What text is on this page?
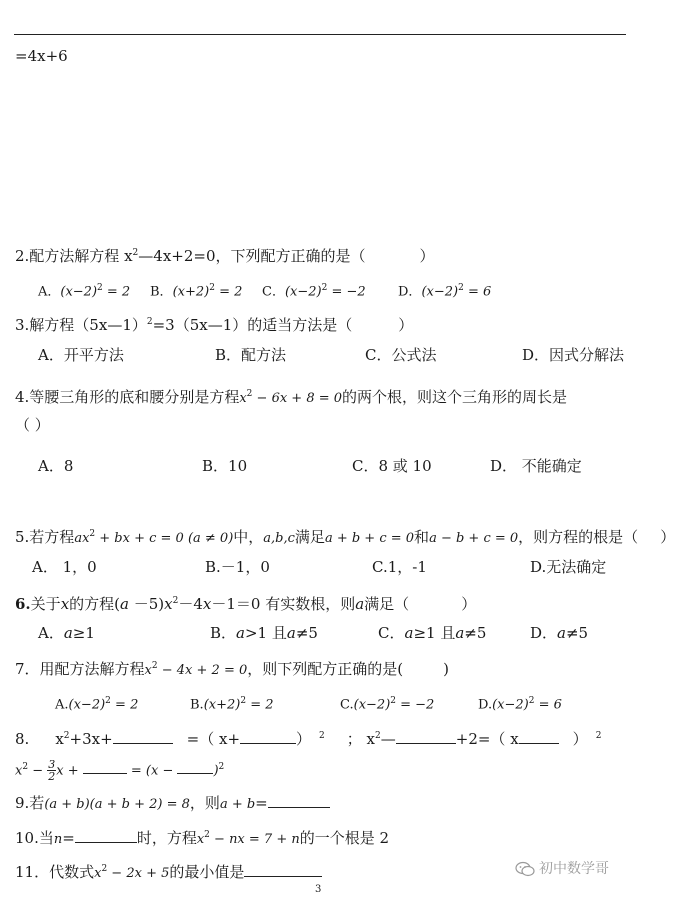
=4x+6
2.配方法解方程 $x^2—4x+2=0$，下列配方正确的是（	）
A．$(x-2)^2 = 2$ B．$(x+2)^2 = 2$ C．$(x-2)^2 = -2$ D．$(x-2)^2 = 6$
3.解方程（5x—1）$^2$=3（5x—1）的适当方法是（	）
A．开平方法	B．配方法	C．公式法	D．因式分解法
4.等腰三角形的底和腰分别是方程$x^2 - 6x + 8 = 0$的两个根，则这个三角形的周长是
（ ）
A．8	B．10	C．8 或 10	D． 不能确定
5.若方程$ax^2$ + bx + c = 0 (a ≠ 0)中，a,b,c满足a + b + c = 0和a − b + c = 0，则方程的根是（ ）
A． 1，0	B.－1，0	C.1，-1	D.无法确定
6.关于x的方程$(a -5)x^2-4x-1=0$ 有实数根，则a满足（	）
A．a≥1	B．a>1 且a≠5	C．a≥1 且a≠5	D．a≠5
7．用配方法解方程$x^2 - 4x + 2 = 0$，则下列配方正确的是(	)
$A.(x-2)^2 = 2$	$B.(x+2)^2 = 2$	$C.(x-2)^2 = -2$	$D.(x-2)^2 = 6$
8. $x^2+3x+$	=（ x+	） $^2$ ； $x^2—$	+2=（ x	） $^2$
$x^2 - \frac{3}{2}$ x +	= (x −	)$^2$
9.若(a + b)(a + b + 2) = 8，则a + b=
10.当n=	时，方程$x^2$ − nx = 7 + n的一个根是 2
11．代数式$x^2 - 2x + 5$的最小值是	初中数学哥
3
